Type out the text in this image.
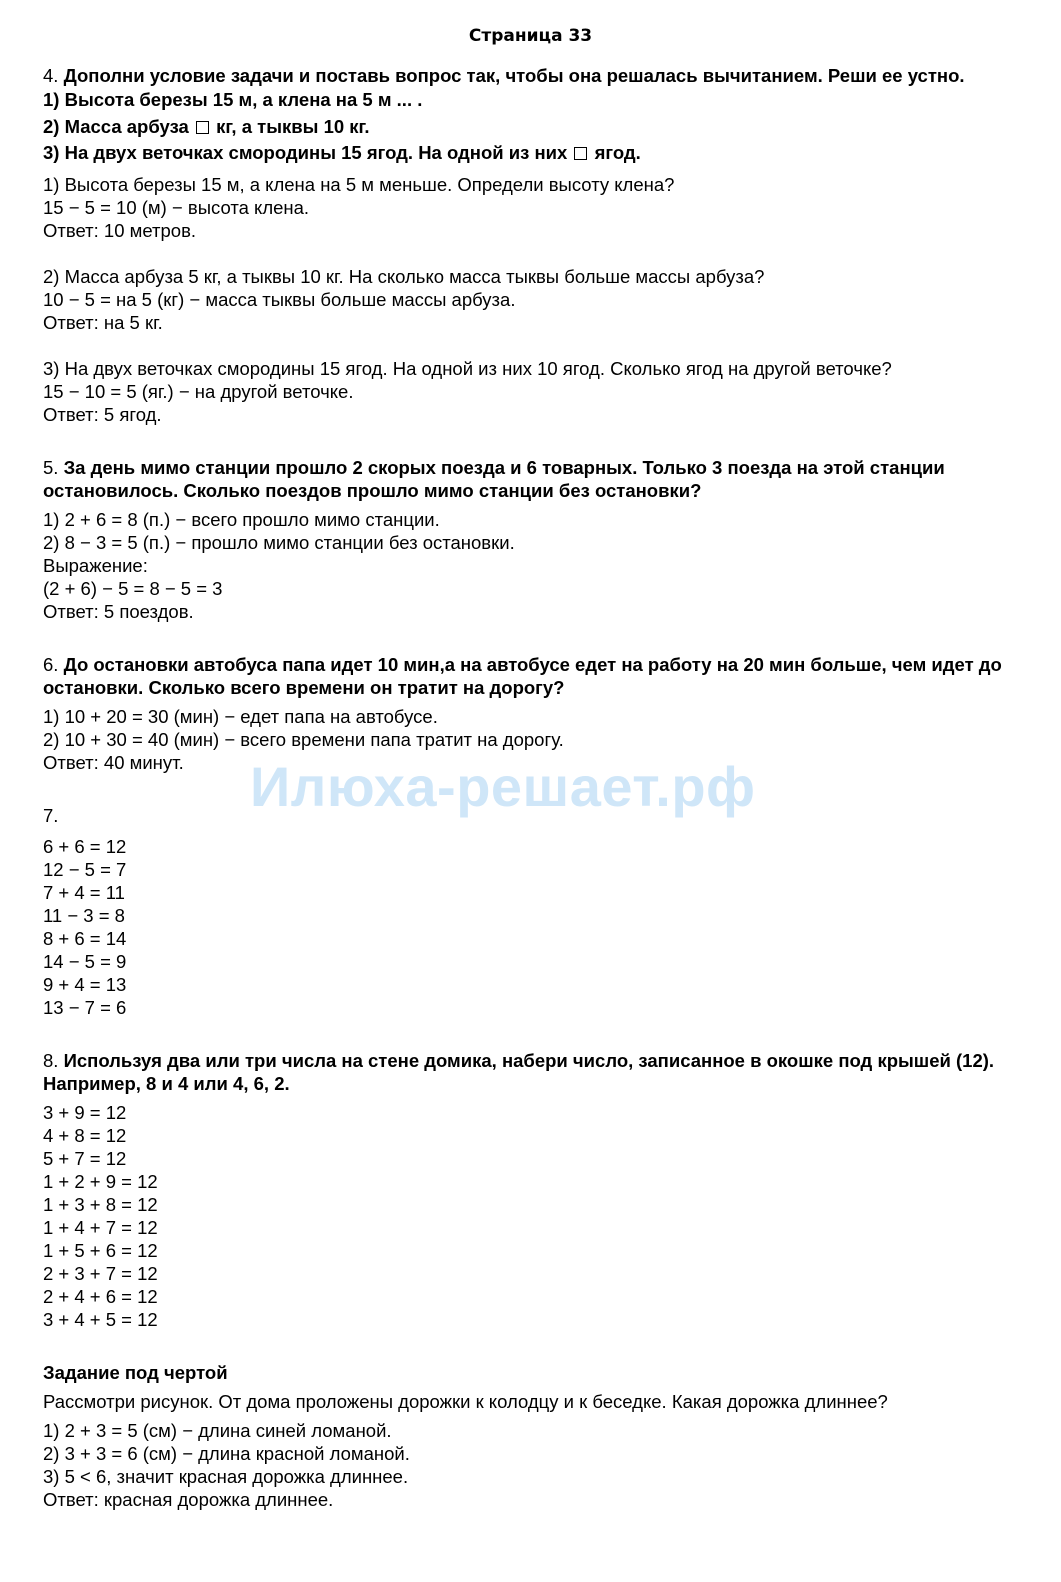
Страница 33
Илюха-решает.рф
4. Дополни условие задачи и поставь вопрос так, чтобы она решалась вычитанием. Реши ее устно.
1) Высота березы 15 м, а клена на 5 м ... .
2) Масса арбуза  кг, а тыквы 10 кг.
3) На двух веточках смородины 15 ягод. На одной из них  ягод.
1) Высота березы 15 м, а клена на 5 м меньше. Определи высоту клена?
15 − 5 = 10 (м) − высота клена.
Ответ: 10 метров.
2) Масса арбуза 5 кг, а тыквы 10 кг. На сколько масса тыквы больше массы арбуза?
10 − 5 = на 5 (кг) − масса тыквы больше массы арбуза.
Ответ: на 5 кг.
3) На двух веточках смородины 15 ягод. На одной из них 10 ягод. Сколько ягод на другой веточке?
15 − 10 = 5 (яг.) − на другой веточке.
Ответ: 5 ягод.
5. За день мимо станции прошло 2 скорых поезда и 6 товарных. Только 3 поезда на этой станции остановилось. Сколько поездов прошло мимо станции без остановки?
1) 2 + 6 = 8 (п.) − всего прошло мимо станции.
2) 8 − 3 = 5 (п.) − прошло мимо станции без остановки.
Выражение:
(2 + 6) − 5 = 8 − 5 = 3
Ответ: 5 поездов.
6. До остановки автобуса папа идет 10 мин,а на автобусе едет на работу на 20 мин больше, чем идет до остановки. Сколько всего времени он тратит на дорогу?
1) 10 + 20 = 30 (мин) − едет папа на автобусе.
2) 10 + 30 = 40 (мин) − всего времени папа тратит на дорогу.
Ответ: 40 минут.
7.
6 + 6 = 12
12 − 5 = 7
7 + 4 = 11
11 − 3 = 8
8 + 6 = 14
14 − 5 = 9
9 + 4 = 13
13 − 7 = 6
8. Используя два или три числа на стене домика, набери число, записанное в окошке под крышей (12). Например, 8 и 4 или 4, 6, 2.
3 + 9 = 12
4 + 8 = 12
5 + 7 = 12
1 + 2 + 9 = 12
1 + 3 + 8 = 12
1 + 4 + 7 = 12
1 + 5 + 6 = 12
2 + 3 + 7 = 12
2 + 4 + 6 = 12
3 + 4 + 5 = 12
Задание под чертой
Рассмотри рисунок. От дома проложены дорожки к колодцу и к беседке. Какая дорожка длиннее?
1) 2 + 3 = 5 (см) − длина синей ломаной.
2) 3 + 3 = 6 (см) − длина красной ломаной.
3) 5 < 6, значит красная дорожка длиннее.
Ответ: красная дорожка длиннее.
